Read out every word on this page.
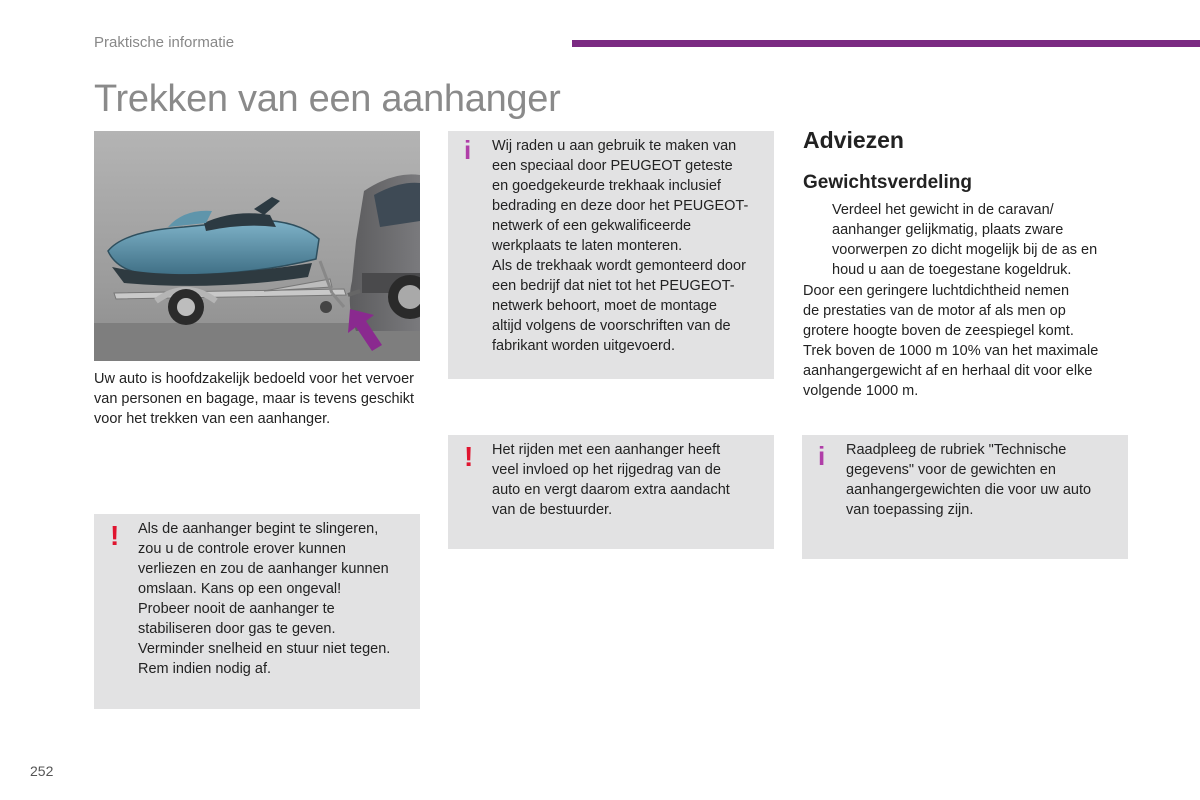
Praktische informatie
Trekken van een aanhanger
Uw auto is hoofdzakelijk bedoeld voor het vervoer van personen en bagage, maar is tevens geschikt voor het trekken van een aanhanger.
! Als de aanhanger begint te slingeren,
zou u de controle erover kunnen
verliezen en zou de aanhanger kunnen
omslaan. Kans op een ongeval!
Probeer nooit de aanhanger te
stabiliseren door gas te geven.
Verminder snelheid en stuur niet tegen.
Rem indien nodig af.
i Wij raden u aan gebruik te maken van
een speciaal door PEUGEOT geteste
en goedgekeurde trekhaak inclusief
bedrading en deze door het PEUGEOT-
netwerk of een gekwalificeerde
werkplaats te laten monteren.
Als de trekhaak wordt gemonteerd door
een bedrijf dat niet tot het PEUGEOT-
netwerk behoort, moet de montage
altijd volgens de voorschriften van de
fabrikant worden uitgevoerd.
! Het rijden met een aanhanger heeft
veel invloed op het rijgedrag van de
auto en vergt daarom extra aandacht
van de bestuurder.
Adviezen
Gewichtsverdeling
Verdeel het gewicht in de caravan/
aanhanger gelijkmatig, plaats zware
voorwerpen zo dicht mogelijk bij de as en
houd u aan de toegestane kogeldruk.
Door een geringere luchtdichtheid nemen
de prestaties van de motor af als men op
grotere hoogte boven de zeespiegel komt.
Trek boven de 1000 m 10% van het maximale
aanhangergewicht af en herhaal dit voor elke
volgende 1000 m.
i Raadpleeg de rubriek "Technische
gegevens" voor de gewichten en
aanhangergewichten die voor uw auto
van toepassing zijn.
252
